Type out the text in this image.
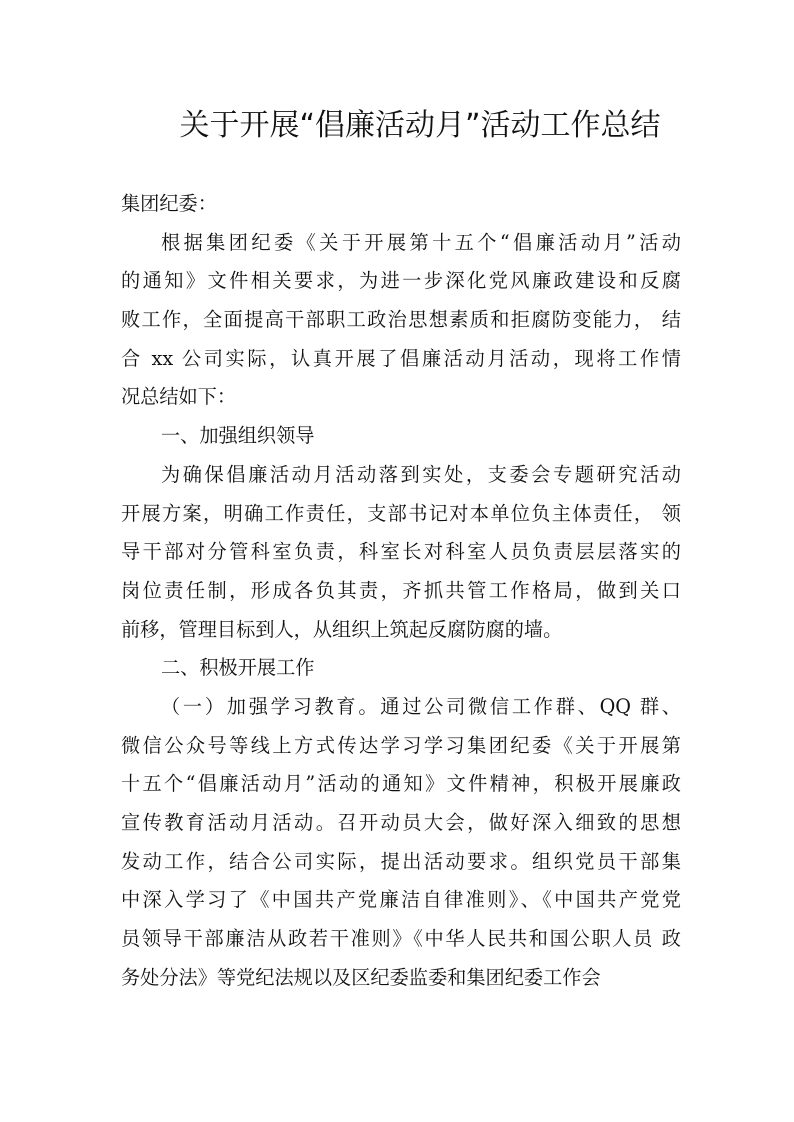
关于开展“倡廉活动月”活动工作总结
集团纪委：
根据集团纪委《关于开展第十五个“倡廉活动月”活动
的通知》文件相关要求，为进一步深化党风廉政建设和反腐
败工作，全面提高干部职工政治思想素质和拒腐防变能力， 结
合 xx 公司实际，认真开展了倡廉活动月活动，现将工作情
况总结如下：
一、加强组织领导
为确保倡廉活动月活动落到实处，支委会专题研究活动
开展方案，明确工作责任，支部书记对本单位负主体责任， 领
导干部对分管科室负责，科室长对科室人员负责层层落实的
岗位责任制，形成各负其责，齐抓共管工作格局，做到关口
前移，管理目标到人，从组织上筑起反腐防腐的墙。
二、积极开展工作
（一）加强学习教育。通过公司微信工作群、QQ 群、
微信公众号等线上方式传达学习学习集团纪委《关于开展第
十五个“倡廉活动月”活动的通知》文件精神，积极开展廉政
宣传教育活动月活动。召开动员大会，做好深入细致的思想
发动工作，结合公司实际，提出活动要求。组织党员干部集
中深入学习了《中国共产党廉洁自律准则》、《中国共产党党
员领导干部廉洁从政若干准则》《中华人民共和国公职人员 政
务处分法》等党纪法规以及区纪委监委和集团纪委工作会
